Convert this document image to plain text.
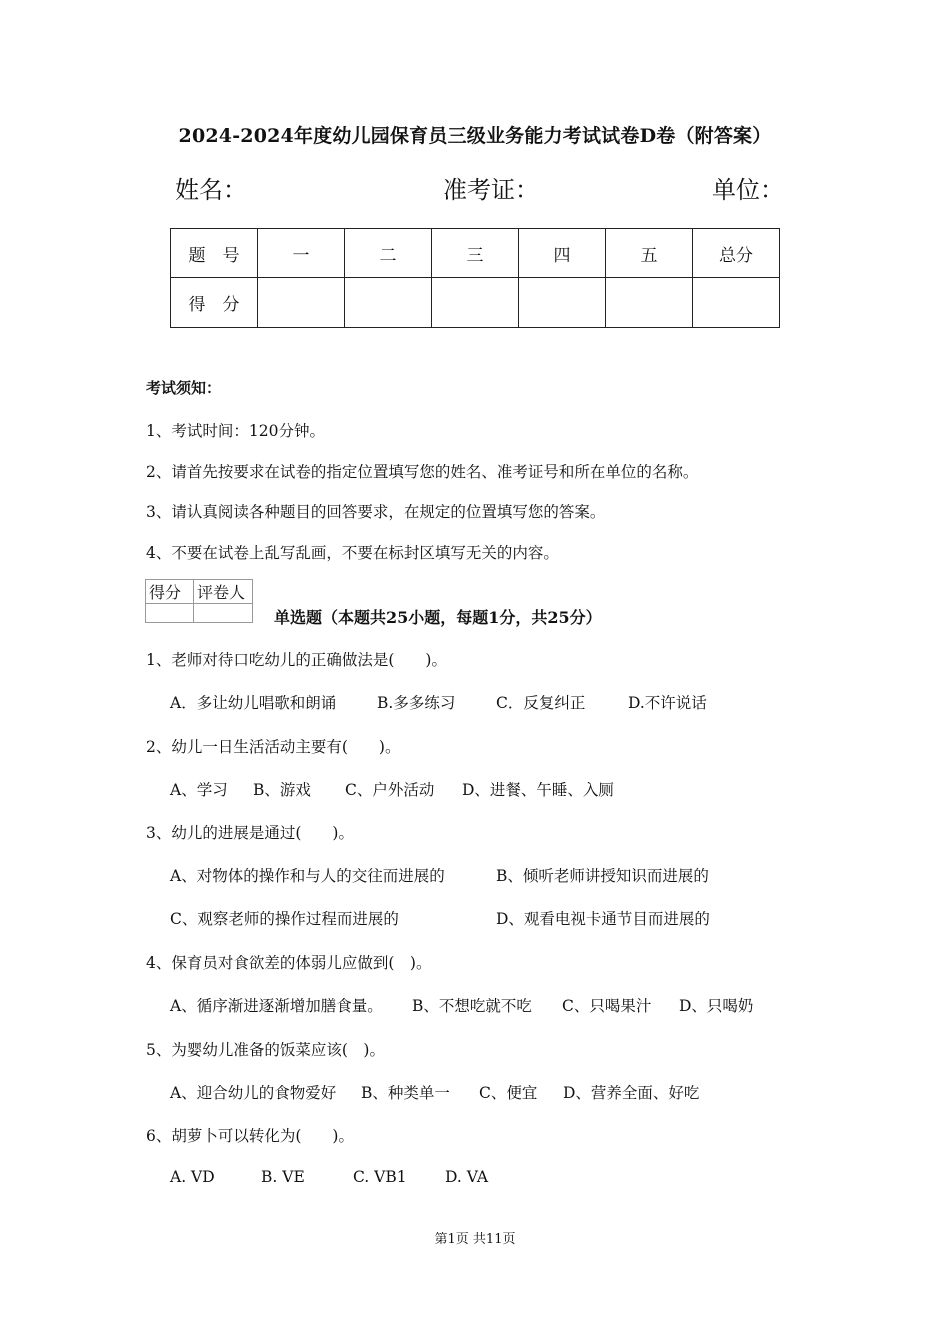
2024-2024年度幼儿园保育员三级业务能力考试试卷D卷（附答案）
姓名：	准考证：	单位：
题　号	一	二	三	四	五	总分
得　分						
考试须知：
1、考试时间：120分钟。
2、请首先按要求在试卷的指定位置填写您的姓名、准考证号和所在单位的名称。
3、请认真阅读各种题目的回答要求，在规定的位置填写您的答案。
4、不要在试卷上乱写乱画，不要在标封区填写无关的内容。
得分	评卷人

单选题（本题共25小题，每题1分，共25分）
1、老师对待口吃幼儿的正确做法是(　　)。
A．多让幼儿唱歌和朗诵	B.多多练习	C．反复纠正	D.不许说话
2、幼儿一日生活活动主要有(　　)。
A、学习 B、游戏 C、户外活动 D、进餐、午睡、入厕
3、幼儿的进展是通过(　　)。
A、对物体的操作和与人的交往而进展的	B、倾听老师讲授知识而进展的
C、观察老师的操作过程而进展的	D、观看电视卡通节目而进展的
4、保育员对食欲差的体弱儿应做到(　)。
A、循序渐进逐渐增加膳食量。 B、不想吃就不吃 C、只喝果汁 D、只喝奶
5、为婴幼儿准备的饭菜应该(　)。
A、迎合幼儿的食物爱好 B、种类单一 C、便宜 D、营养全面、好吃
6、胡萝卜可以转化为(　　)。
A. VD	B. VE	C. VB1 D. VA
第1页 共11页
